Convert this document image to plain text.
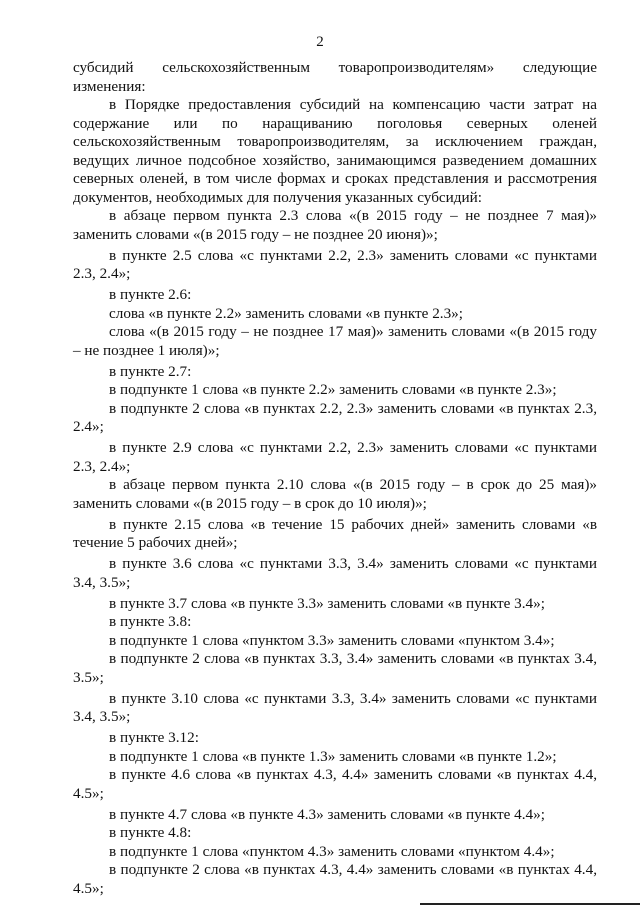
2

субсидий сельскохозяйственным товаропроизводителям» следующие изменения:

в Порядке предоставления субсидий на компенсацию части затрат на содержание или по наращиванию поголовья северных оленей сельскохозяйственным товаропроизводителям, за исключением граждан, ведущих личное подсобное хозяйство, занимающимся разведением домашних северных оленей, в том числе формах и сроках представления и рассмотрения документов, необходимых для получения указанных субсидий:

в абзаце первом пункта 2.3 слова «(в 2015 году – не позднее 7 мая)» заменить словами «(в 2015 году – не позднее 20 июня)»;

в пункте 2.5 слова «с пунктами 2.2, 2.3» заменить словами «с пунктами 2.3, 2.4»;

в пункте 2.6:

слова «в пункте 2.2» заменить словами «в пункте 2.3»;

слова «(в 2015 году – не позднее 17 мая)» заменить словами «(в 2015 году – не позднее 1 июля)»;

в пункте 2.7:

в подпункте 1 слова «в пункте 2.2» заменить словами «в пункте 2.3»;

в подпункте 2 слова «в пунктах 2.2, 2.3» заменить словами «в пунктах 2.3, 2.4»;

в пункте 2.9 слова «с пунктами 2.2, 2.3» заменить словами «с пунктами 2.3, 2.4»;

в абзаце первом пункта 2.10 слова «(в 2015 году – в срок до 25 мая)» заменить словами «(в 2015 году – в срок до 10 июля)»;

в пункте 2.15 слова «в течение 15 рабочих дней» заменить словами «в течение 5 рабочих дней»;

в пункте 3.6 слова «с пунктами 3.3, 3.4» заменить словами «с пунктами 3.4, 3.5»;

в пункте 3.7 слова «в пункте 3.3» заменить словами «в пункте 3.4»;

в пункте 3.8:

в подпункте 1 слова «пунктом 3.3» заменить словами «пунктом 3.4»;

в подпункте 2 слова «в пунктах 3.3, 3.4» заменить словами «в пунктах 3.4, 3.5»;

в пункте 3.10 слова «с пунктами 3.3, 3.4» заменить словами «с пунктами 3.4, 3.5»;

в пункте 3.12:

в подпункте 1 слова «в пункте 1.3» заменить словами «в пункте 1.2»;

в пункте 4.6 слова «в пунктах 4.3, 4.4» заменить словами «в пунктах 4.4, 4.5»;

в пункте 4.7 слова «в пункте 4.3» заменить словами «в пункте 4.4»;

в пункте 4.8:

в подпункте 1 слова «пунктом 4.3» заменить словами «пунктом 4.4»;

в подпункте 2 слова «в пунктах 4.3, 4.4» заменить словами «в пунктах 4.4, 4.5»;
